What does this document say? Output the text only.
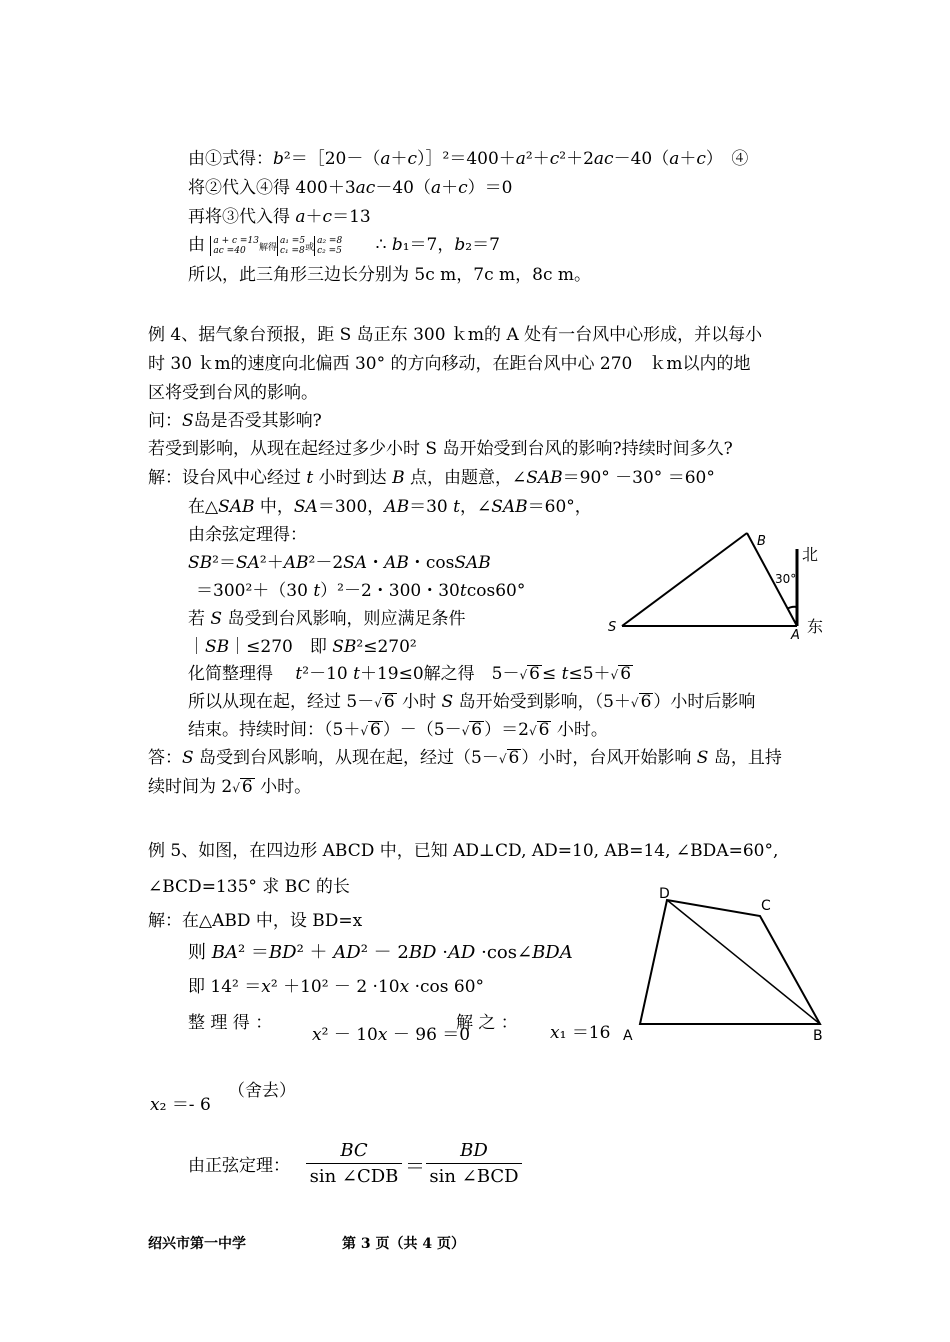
由①式得：b²＝［20－（a＋c）］²＝400＋a²＋c²＋2ac－40（a＋c）　④
将②代入④得 400＋3ac－40（a＋c）＝0
再将③代入得 a＋c＝13
由 a + c =13
ac =40	解得
a₁ =5
c₁ =8 或
a₂ =8
c₂ =5 ∴ b₁＝7，b₂＝7
所以，此三角形三边长分别为 5c m，7c m，8c m。
例 4、据气象台预报，距 S 岛正东 300 ｋm的 A 处有一台风中心形成，并以每小
时 30 ｋm的速度向北偏西 30° 的方向移动，在距台风中心 270　ｋm以内的地
区将受到台风的影响。
问：S岛是否受其影响?
若受到影响，从现在起经过多少小时 S 岛开始受到台风的影响?持续时间多久?
解：设台风中心经过 t 小时到达 B 点，由题意，∠SAB＝90° －30° ＝60°
在△SAB 中，SA＝300，AB＝30 t，∠SAB＝60°，
由余弦定理得：
SB²＝SA²＋AB²－2SA・AB・cosSAB
＝300²＋（30 t）²－2・300・30tcos60°
若 S 岛受到台风影响，则应满足条件
｜SB｜≤270　即 SB²≤270²
化简整理得　 t²－10 t＋19≤0解之得　5－√ 6 ≤ t≤5＋√ 6
所以从现在起，经过 5－√ 6 小时 S 岛开始受到影响，（5＋√ 6 ）小时后影响
结束。持续时间：（5＋√ 6 ）－（5－√ 6 ）＝2√ 6 小时。
答：S 岛受到台风影响，从现在起，经过（5－√ 6 ）小时，台风开始影响 S 岛，且持
续时间为 2√ 6 小时。
B
北
30°
S
A 东
例 5、如图，在四边形 ABCD 中，已知 AD⊥CD, AD=10, AB=14, ∠BDA=60°,
∠BCD=135° 求 BC 的长
解：在△ABD 中，设 BD=x
则 BA² ＝BD² ＋ AD² － 2BD ·AD ·cos∠BDA
即 14² ＝x² ＋10² － 2 ·10x ·cos 60°
整 理 得 ：
x² － 10x － 96 ＝0
解 之 ： x₁ ＝16
（舍去）
x₂ ＝- 6
由正弦定理：
BC
sin ∠CDB ＝
BD
sin ∠BCD
D
C
A	B
绍兴市第一中学	第 3 页（共 4 页）
